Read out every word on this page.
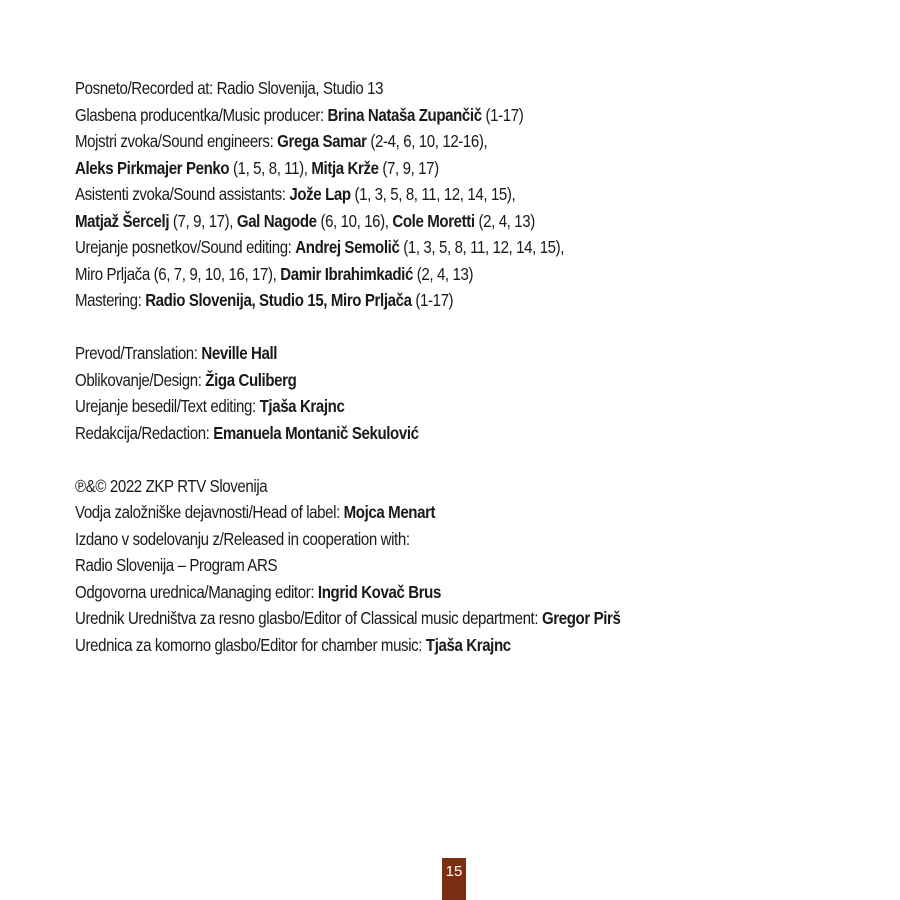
Posneto/Recorded at: Radio Slovenija, Studio 13
Glasbena producentka/Music producer: Brina Nataša Zupančič (1-17)
Mojstri zvoka/Sound engineers: Grega Samar (2-4, 6, 10, 12-16),
Aleks Pirkmajer Penko (1, 5, 8, 11), Mitja Krže (7, 9, 17)
Asistenti zvoka/Sound assistants: Jože Lap (1, 3, 5, 8, 11, 12, 14, 15),
Matjaž Šercelj (7, 9, 17), Gal Nagode (6, 10, 16), Cole Moretti (2, 4, 13)
Urejanje posnetkov/Sound editing: Andrej Semolič (1, 3, 5, 8, 11, 12, 14, 15),
Miro Prljača (6, 7, 9, 10, 16, 17), Damir Ibrahimkadić (2, 4, 13)
Mastering: Radio Slovenija, Studio 15, Miro Prljača (1-17)
Prevod/Translation: Neville Hall
Oblikovanje/Design: Žiga Culiberg
Urejanje besedil/Text editing: Tjaša Krajnc
Redakcija/Redaction: Emanuela Montanič Sekulović
℗&© 2022 ZKP RTV Slovenija
Vodja založniške dejavnosti/Head of label: Mojca Menart
Izdano v sodelovanju z/Released in cooperation with:
Radio Slovenija – Program ARS
Odgovorna urednica/Managing editor: Ingrid Kovač Brus
Urednik Uredništva za resno glasbo/Editor of Classical music department: Gregor Pirš
Urednica za komorno glasbo/Editor for chamber music: Tjaša Krajnc
15
